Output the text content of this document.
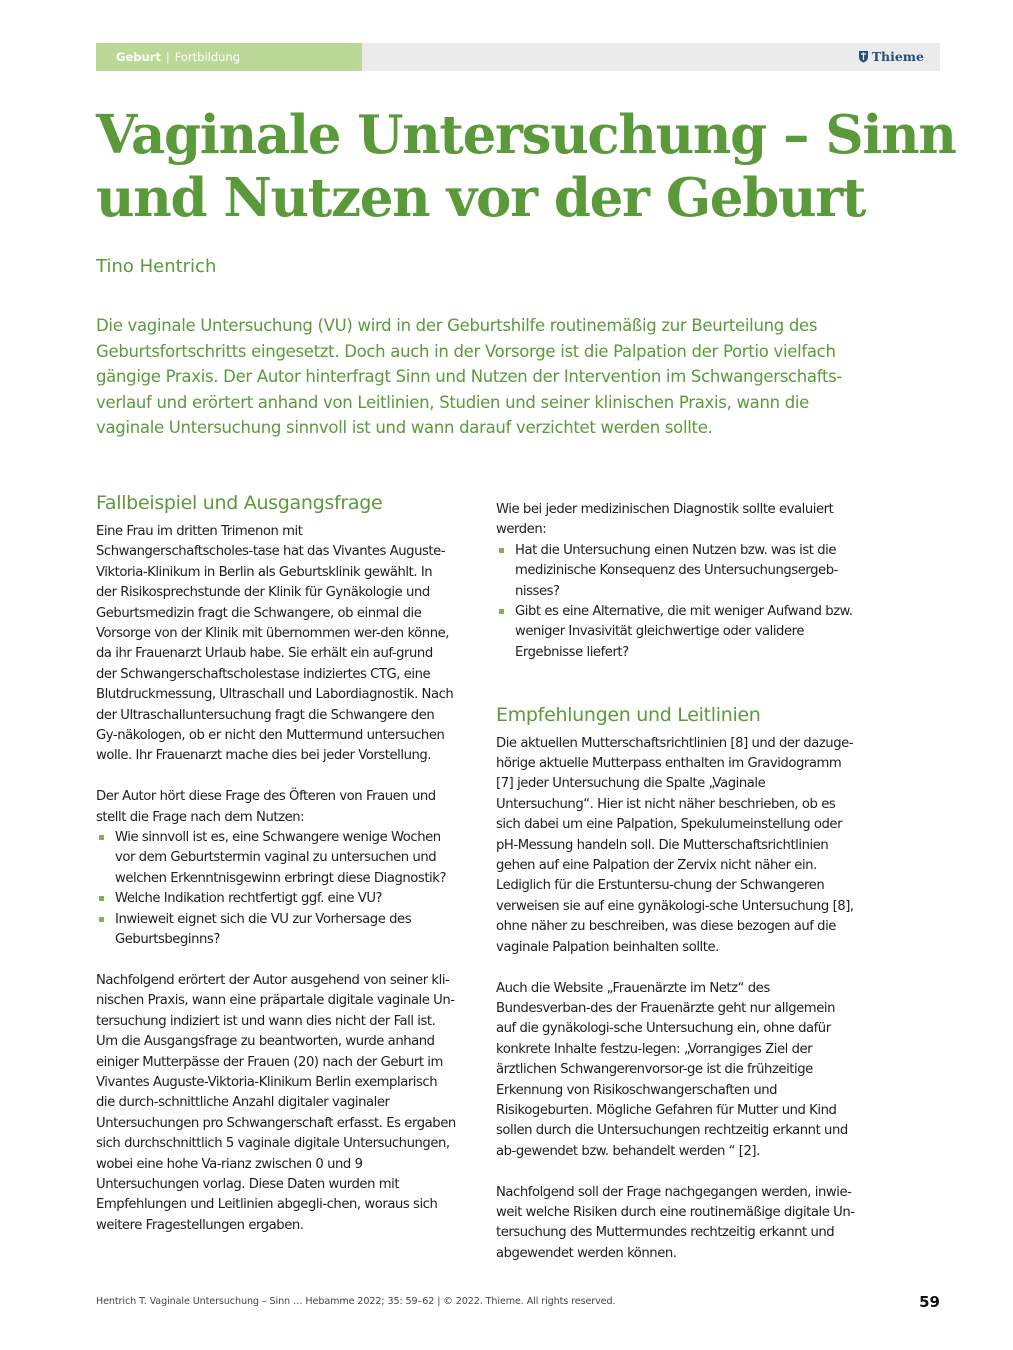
Geburt | Fortbildung	Thieme
Vaginale Untersuchung – Sinn und Nutzen vor der Geburt
Tino Hentrich

Die vaginale Untersuchung (VU) wird in der Geburtshilfe routinemäßig zur Beurteilung des Geburtsfortschritts eingesetzt. Doch auch in der Vorsorge ist die Palpation der Portio vielfach gängige Praxis. Der Autor hinterfragt Sinn und Nutzen der Intervention im Schwangerschafts-verlauf und erörtert anhand von Leitlinien, Studien und seiner klinischen Praxis, wann die vaginale Untersuchung sinnvoll ist und wann darauf verzichtet werden sollte.

Fallbeispiel und Ausgangsfrage

Eine Frau im dritten Trimenon mit Schwangerschaftscholes-tase hat das Vivantes Auguste-Viktoria-Klinikum in Berlin als Geburtsklinik gewählt. In der Risikosprechstunde der Klinik für Gynäkologie und Geburtsmedizin fragt die Schwangere, ob einmal die Vorsorge von der Klinik mit übernommen wer-den könne, da ihr Frauenarzt Urlaub habe. Sie erhält ein auf-grund der Schwangerschaftscholestase indiziertes CTG, eine Blutdruckmessung, Ultraschall und Labordiagnostik. Nach der Ultraschalluntersuchung fragt die Schwangere den Gy-näkologen, ob er nicht den Muttermund untersuchen wolle. Ihr Frauenarzt mache dies bei jeder Vorstellung.

Der Autor hört diese Frage des Öfteren von Frauen und stellt die Frage nach dem Nutzen:

Wie sinnvoll ist es, eine Schwangere wenige Wochen vor dem Geburtstermin vaginal zu untersuchen und welchen Erkenntnisgewinn erbringt diese Diagnostik?
Welche Indikation rechtfertigt ggf. eine VU?
Inwieweit eignet sich die VU zur Vorhersage des Geburtsbeginns?

Nachfolgend erörtert der Autor ausgehend von seiner kli-nischen Praxis, wann eine präpartale digitale vaginale Un-tersuchung indiziert ist und wann dies nicht der Fall ist. Um die Ausgangsfrage zu beantworten, wurde anhand einiger Mutterpässe der Frauen (20) nach der Geburt im Vivantes Auguste-Viktoria-Klinikum Berlin exemplarisch die durch-schnittliche Anzahl digitaler vaginaler Untersuchungen pro Schwangerschaft erfasst. Es ergaben sich durchschnittlich 5 vaginale digitale Untersuchungen, wobei eine hohe Va-rianz zwischen 0 und 9 Untersuchungen vorlag. Diese Daten wurden mit Empfehlungen und Leitlinien abgegli-chen, woraus sich weitere Fragestellungen ergaben.

Wie bei jeder medizinischen Diagnostik sollte evaluiert werden:

Hat die Untersuchung einen Nutzen bzw. was ist die medizinische Konsequenz des Untersuchungsergeb-nisses?
Gibt es eine Alternative, die mit weniger Aufwand bzw. weniger Invasivität gleichwertige oder validere Ergebnisse liefert?
Empfehlungen und Leitlinien

Die aktuellen Mutterschaftsrichtlinien [8] und der dazuge-hörige aktuelle Mutterpass enthalten im Gravidogramm [7] jeder Untersuchung die Spalte „Vaginale Untersuchung“. Hier ist nicht näher beschrieben, ob es sich dabei um eine Palpation, Spekulumeinstellung oder pH-Messung handeln soll. Die Mutterschaftsrichtlinien gehen auf eine Palpation der Zervix nicht näher ein. Lediglich für die Erstuntersu-chung der Schwangeren verweisen sie auf eine gynäkologi-sche Untersuchung [8], ohne näher zu beschreiben, was diese bezogen auf die vaginale Palpation beinhalten sollte.

Auch die Website „Frauenärzte im Netz“ des Bundesverban-des der Frauenärzte geht nur allgemein auf die gynäkologi-sche Untersuchung ein, ohne dafür konkrete Inhalte festzu-legen: „Vorrangiges Ziel der ärztlichen Schwangerenvorsor-ge ist die frühzeitige Erkennung von Risikoschwangerschaften und Risikogeburten. Mögliche Gefahren für Mutter und Kind sollen durch die Untersuchungen rechtzeitig erkannt und ab-gewendet bzw. behandelt werden “ [2].

Nachfolgend soll der Frage nachgegangen werden, inwie-weit welche Risiken durch eine routinemäßige digitale Un-tersuchung des Muttermundes rechtzeitig erkannt und abgewendet werden können.

Hentrich T. Vaginale Untersuchung – Sinn … Hebamme 2022; 35: 59–62 | © 2022. Thieme. All rights reserved.	59
